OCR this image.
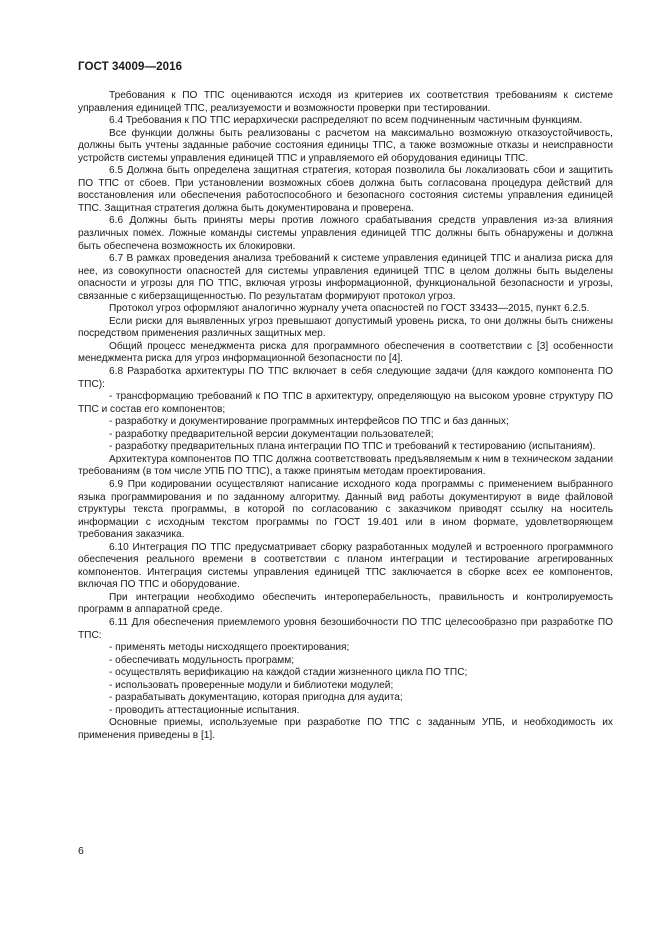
ГОСТ 34009—2016

Требования к ПО ТПС оцениваются исходя из критериев их соответствия требованиям к системе управления единицей ТПС, реализуемости и возможности проверки при тестировании.

6.4 Требования к ПО ТПС иерархически распределяют по всем подчиненным частичным функциям.

Все функции должны быть реализованы с расчетом на максимально возможную отказоустойчивость, должны быть учтены заданные рабочие состояния единицы ТПС, а также возможные отказы и неисправности устройств системы управления единицей ТПС и управляемого ей оборудования единицы ТПС.

6.5 Должна быть определена защитная стратегия, которая позволила бы локализовать сбои и защитить ПО ТПС от сбоев. При установлении возможных сбоев должна быть согласована процедура действий для восстановления или обеспечения работоспособного и безопасного состояния системы управления единицей ТПС. Защитная стратегия должна быть документирована и проверена.

6.6 Должны быть приняты меры против ложного срабатывания средств управления из-за влияния различных помех. Ложные команды системы управления единицей ТПС должны быть обнаружены и должна быть обеспечена возможность их блокировки.

6.7 В рамках проведения анализа требований к системе управления единицей ТПС и анализа риска для нее, из совокупности опасностей для системы управления единицей ТПС в целом должны быть выделены опасности и угрозы для ПО ТПС, включая угрозы информационной, функциональной безопасности и угрозы, связанные с киберзащищенностью. По результатам формируют протокол угроз.

Протокол угроз оформляют аналогично журналу учета опасностей по ГОСТ 33433—2015, пункт 6.2.5.

Если риски для выявленных угроз превышают допустимый уровень риска, то они должны быть снижены посредством применения различных защитных мер.

Общий процесс менеджмента риска для программного обеспечения в соответствии с [3] особенности менеджмента риска для угроз информационной безопасности по [4].

6.8 Разработка архитектуры ПО ТПС включает в себя следующие задачи (для каждого компонента ПО ТПС):

- трансформацию требований к ПО ТПС в архитектуру, определяющую на высоком уровне структуру ПО ТПС и состав его компонентов;

- разработку и документирование программных интерфейсов ПО ТПС и баз данных;

- разработку предварительной версии документации пользователей;

- разработку предварительных плана интеграции ПО ТПС и требований к тестированию (испытаниям).

Архитектура компонентов ПО ТПС должна соответствовать предъявляемым к ним в техническом задании требованиям (в том числе УПБ ПО ТПС), а также принятым методам проектирования.

6.9 При кодировании осуществляют написание исходного кода программы с применением выбранного языка программирования и по заданному алгоритму. Данный вид работы документируют в виде файловой структуры текста программы, в которой по согласованию с заказчиком приводят ссылку на носитель информации с исходным текстом программы по ГОСТ 19.401 или в ином формате, удовлетворяющем требования заказчика.

6.10 Интеграция ПО ТПС предусматривает сборку разработанных модулей и встроенного программного обеспечения реального времени в соответствии с планом интеграции и тестирование агрегированных компонентов. Интеграция системы управления единицей ТПС заключается в сборке всех ее компонентов, включая ПО ТПС и оборудование.

При интеграции необходимо обеспечить интероперабельность, правильность и контролируемость программ в аппаратной среде.

6.11 Для обеспечения приемлемого уровня безошибочности ПО ТПС целесообразно при разработке ПО ТПС:

- применять методы нисходящего проектирования;

- обеспечивать модульность программ;

- осуществлять верификацию на каждой стадии жизненного цикла ПО ТПС;

- использовать проверенные модули и библиотеки модулей;

- разрабатывать документацию, которая пригодна для аудита;

- проводить аттестационные испытания.

Основные приемы, используемые при разработке ПО ТПС с заданным УПБ, и необходимость их применения приведены в [1].

6
